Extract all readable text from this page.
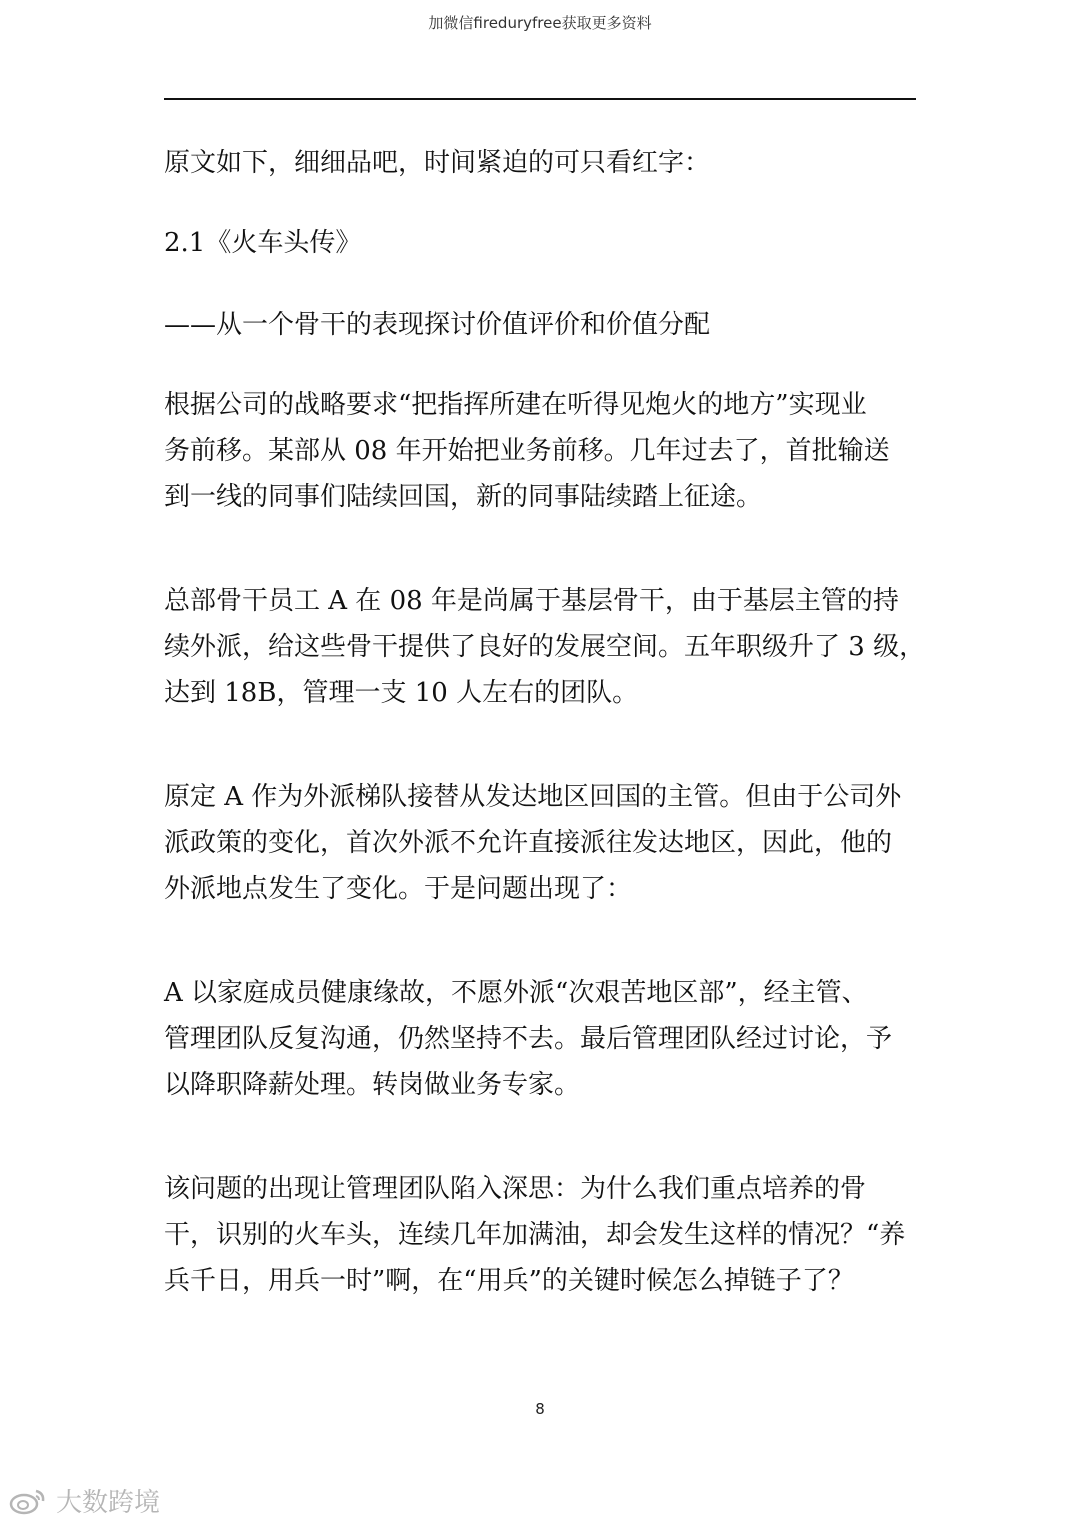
加微信fireduryfree获取更多资料
原文如下，细细品吧，时间紧迫的可只看红字：
2.1《火车头传》
——从一个骨干的表现探讨价值评价和价值分配
根据公司的战略要求“把指挥所建在听得见炮火的地方”实现业
务前移。某部从 08 年开始把业务前移。几年过去了，首批输送
到一线的同事们陆续回国，新的同事陆续踏上征途。
总部骨干员工 A 在 08 年是尚属于基层骨干，由于基层主管的持
续外派，给这些骨干提供了良好的发展空间。五年职级升了 3 级，
达到 18B，管理一支 10 人左右的团队。
原定 A 作为外派梯队接替从发达地区回国的主管。但由于公司外
派政策的变化，首次外派不允许直接派往发达地区，因此，他的
外派地点发生了变化。于是问题出现了：
A 以家庭成员健康缘故，不愿外派“次艰苦地区部”，经主管、
管理团队反复沟通，仍然坚持不去。最后管理团队经过讨论，予
以降职降薪处理。转岗做业务专家。
该问题的出现让管理团队陷入深思：为什么我们重点培养的骨
干，识别的火车头，连续几年加满油，却会发生这样的情况？“养
兵千日，用兵一时”啊，在“用兵”的关键时候怎么掉链子了？
8
大数跨境
